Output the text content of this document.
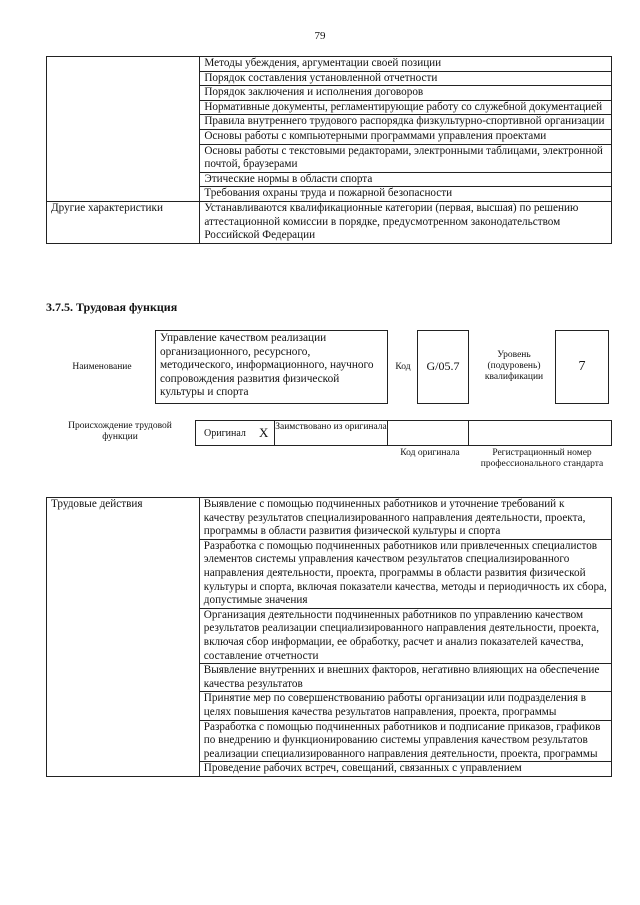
79
	Методы убеждения, аргументации своей позиции
	Порядок составления установленной отчетности
	Порядок заключения и исполнения договоров
	Нормативные документы, регламентирующие работу со служебной документацией
	Правила внутреннего трудового распорядка физкультурно-спортивной организации
	Основы работы с компьютерными программами управления проектами
	Основы работы с текстовыми редакторами, электронными таблицами, электронной почтой, браузерами
	Этические нормы в области спорта
	Требования охраны труда и пожарной безопасности
Другие характеристики	Устанавливаются квалификационные категории (первая, высшая) по решению аттестационной комиссии в порядке, предусмотренном законодательством Российской Федерации
3.7.5. Трудовая функция
Наименование
Управление качеством реализации организационного, ресурсного, методического, информационного, научного сопровождения развития физической культуры и спорта
Код	G/05.7
Уровень (подуровень) квалификации
7
Происхождение трудовой функции	Оригинал X Заимствовано из оригинала
Код оригинала	Регистрационный номер профессионального стандарта
Трудовые действия	Выявление с помощью подчиненных работников и уточнение требований к качеству результатов специализированного направления деятельности, проекта, программы в области развития физической культуры и спорта
Разработка с помощью подчиненных работников или привлеченных специалистов элементов системы управления качеством результатов специализированного направления деятельности, проекта, программы в области развития физической культуры и спорта, включая показатели качества, методы и периодичность их сбора, допустимые значения
Организация деятельности подчиненных работников по управлению качеством результатов реализации специализированного направления деятельности, проекта, включая сбор информации, ее обработку, расчет и анализ показателей качества, составление отчетности
Выявление внутренних и внешних факторов, негативно влияющих на обеспечение качества результатов
Принятие мер по совершенствованию работы организации или подразделения в целях повышения качества результатов направления, проекта, программы
Разработка с помощью подчиненных работников и подписание приказов, графиков по внедрению и функционированию системы управления качеством результатов реализации специализированного направления деятельности, проекта, программы
Проведение рабочих встреч, совещаний, связанных с управлением
